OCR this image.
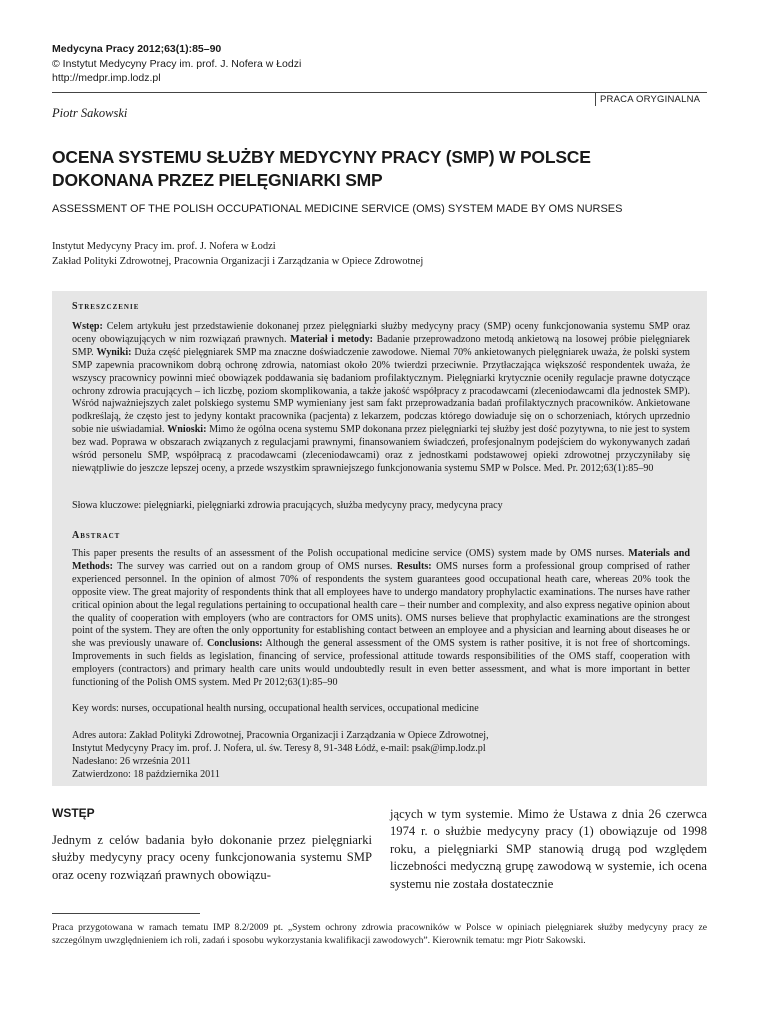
Medycyna Pracy 2012;63(1):85–90
© Instytut Medycyny Pracy im. prof. J. Nofera w Łodzi
http://medpr.imp.lodz.pl
PRACA ORYGINALNA
Piotr Sakowski
OCENA SYSTEMU SŁUŻBY MEDYCYNY PRACY (SMP) W POLSCE DOKONANA PRZEZ PIELĘGNIARKI SMP
ASSESSMENT OF THE POLISH OCCUPATIONAL MEDICINE SERVICE (OMS) SYSTEM MADE BY OMS NURSES
Instytut Medycyny Pracy im. prof. J. Nofera w Łodzi
Zakład Polityki Zdrowotnej, Pracownia Organizacji i Zarządzania w Opiece Zdrowotnej
Streszczenie

Wstęp: Celem artykułu jest przedstawienie dokonanej przez pielęgniarki służby medycyny pracy (SMP) oceny funkcjonowania systemu SMP oraz oceny obowiązujących w nim rozwiązań prawnych. Materiał i metody: Badanie przeprowadzono metodą ankietową na losowej próbie pielęgniarek SMP. Wyniki: Duża część pielęgniarek SMP ma znaczne doświadczenie zawodowe. Niemal 70% ankietowanych pielęgniarek uważa, że polski system SMP zapewnia pracownikom dobrą ochronę zdrowia, natomiast około 20% twierdzi przeciwnie. Przytłaczająca większość respondentek uważa, że wszyscy pracownicy powinni mieć obowiązek poddawania się badaniom profilaktycznym. Pielęgniarki krytycznie oceniły regulacje prawne dotyczące ochrony zdrowia pracujących – ich liczbę, poziom skomplikowania, a także jakość współpracy z pracodawcami (zleceniodawcami dla jednostek SMP). Wśród najważniejszych zalet polskiego systemu SMP wymieniany jest sam fakt przeprowadzania badań profilaktycznych pracowników. Ankietowane podkreślają, że często jest to jedyny kontakt pracownika (pacjenta) z lekarzem, podczas którego dowiaduje się on o schorzeniach, których uprzednio sobie nie uświadamiał. Wnioski: Mimo że ogólna ocena systemu SMP dokonana przez pielęgniarki tej służby jest dość pozytywna, to nie jest to system bez wad. Poprawa w obszarach związanych z regulacjami prawnymi, finansowaniem świadczeń, profesjonalnym podejściem do wykonywanych zadań wśród personelu SMP, współpracą z pracodawcami (zleceniodawcami) oraz z jednostkami podstawowej opieki zdrowotnej przyczyniłaby się niewątpliwie do jeszcze lepszej oceny, a przede wszystkim sprawniejszego funkcjonowania systemu SMP w Polsce. Med. Pr. 2012;63(1):85–90

Słowa kluczowe: pielęgniarki, pielęgniarki zdrowia pracujących, służba medycyny pracy, medycyna pracy

Abstract

This paper presents the results of an assessment of the Polish occupational medicine service (OMS) system made by OMS nurses. Materials and Methods: The survey was carried out on a random group of OMS nurses. Results: OMS nurses form a professional group comprised of rather experienced personnel. In the opinion of almost 70% of respondents the system guarantees good occupational heath care, whereas 20% took the opposite view. The great majority of respondents think that all employees have to undergo mandatory prophylactic examinations. The nurses have rather critical opinion about the legal regulations pertaining to occupational health care – their number and complexity, and also express negative opinion about the quality of cooperation with employers (who are contractors for OMS units). OMS nurses believe that prophylactic examinations are the strongest point of the system. They are often the only opportunity for establishing contact between an employee and a physician and learning about diseases he or she was previously unaware of. Conclusions: Although the general assessment of the OMS system is rather positive, it is not free of shortcomings. Improvements in such fields as legislation, financing of service, professional attitude towards responsibilities of the OMS staff, cooperation with employers (contractors) and primary health care units would undoubtedly result in even better assessment, and what is more important in better functioning of the Polish OMS system. Med Pr 2012;63(1):85–90

Key words: nurses, occupational health nursing, occupational health services, occupational medicine

Adres autora: Zakład Polityki Zdrowotnej, Pracownia Organizacji i Zarządzania w Opiece Zdrowotnej,
Instytut Medycyny Pracy im. prof. J. Nofera, ul. św. Teresy 8, 91-348 Łódź, e-mail: psak@imp.lodz.pl
Nadesłano: 26 września 2011
Zatwierdzono: 18 października 2011
WSTĘP

Jednym z celów badania było dokonanie przez pielęgniarki służby medycyny pracy oceny funkcjonowania systemu SMP oraz oceny rozwiązań prawnych obowiązu-

jących w tym systemie. Mimo że Ustawa z dnia 26 czerwca 1974 r. o służbie medycyny pracy (1) obowiązuje od 1998 roku, a pielęgniarki SMP stanowią drugą pod względem liczebności medyczną grupę zawodową w systemie, ich ocena systemu nie została dostatecznie

Praca przygotowana w ramach tematu IMP 8.2/2009 pt. „System ochrony zdrowia pracowników w Polsce w opiniach pielęgniarek służby medycyny pracy ze szczególnym uwzględnieniem ich roli, zadań i sposobu wykorzystania kwalifikacji zawodowych”. Kierownik tematu: mgr Piotr Sakowski.
